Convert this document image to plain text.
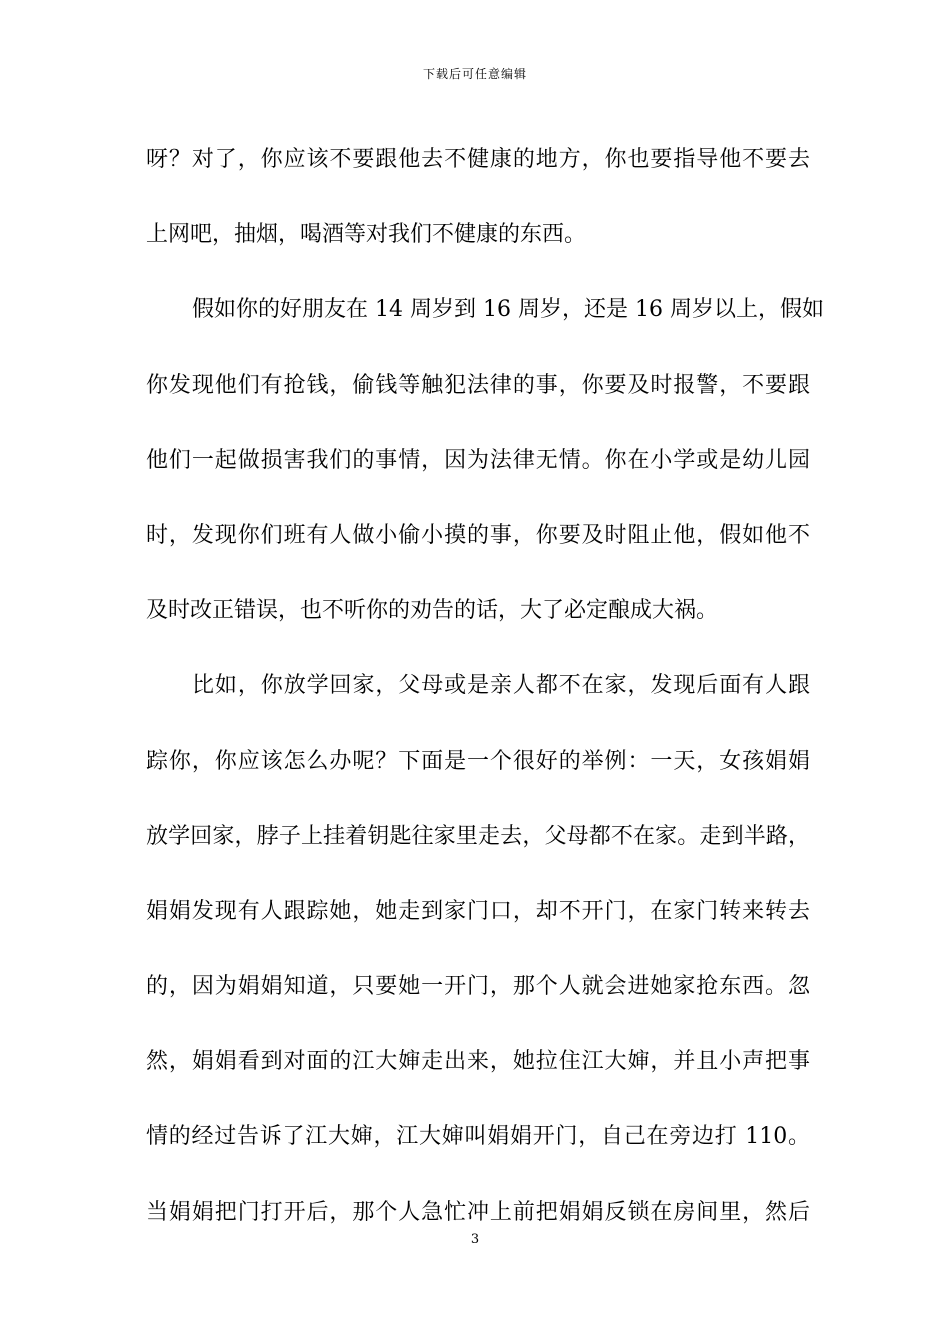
下载后可任意编辑
呀？对了，你应该不要跟他去不健康的地方，你也要指导他不要去
上网吧，抽烟，喝酒等对我们不健康的东西。
假如你的好朋友在 14 周岁到 16 周岁，还是 16 周岁以上，假如
你发现他们有抢钱，偷钱等触犯法律的事，你要及时报警，不要跟
他们一起做损害我们的事情，因为法律无情。你在小学或是幼儿园
时，发现你们班有人做小偷小摸的事，你要及时阻止他，假如他不
及时改正错误，也不听你的劝告的话，大了必定酿成大祸。
比如，你放学回家，父母或是亲人都不在家，发现后面有人跟
踪你，你应该怎么办呢？下面是一个很好的举例：一天，女孩娟娟
放学回家，脖子上挂着钥匙往家里走去，父母都不在家。走到半路，
娟娟发现有人跟踪她，她走到家门口，却不开门，在家门转来转去
的，因为娟娟知道，只要她一开门，那个人就会进她家抢东西。忽
然，娟娟看到对面的江大婶走出来，她拉住江大婶，并且小声把事
情的经过告诉了江大婶，江大婶叫娟娟开门，自己在旁边打 110。
当娟娟把门打开后，那个人急忙冲上前把娟娟反锁在房间里，然后
3
